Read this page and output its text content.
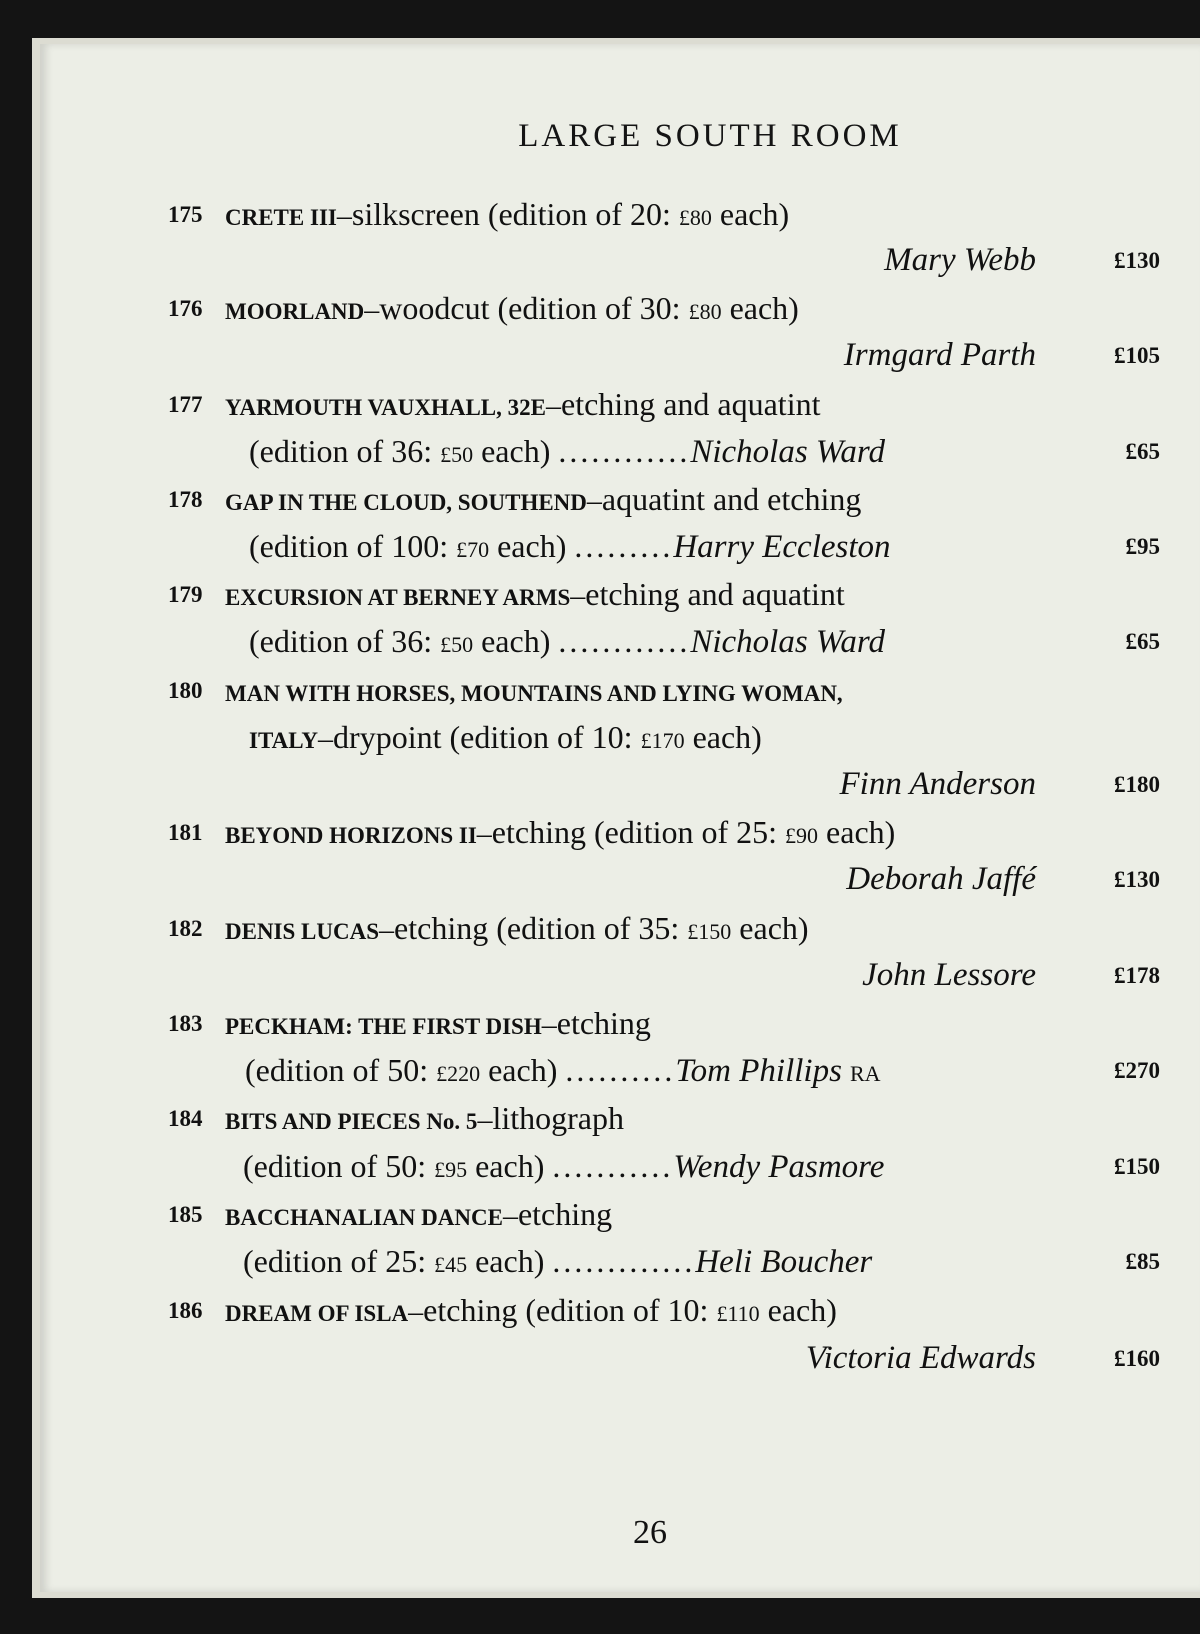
LARGE SOUTH ROOM
175 CRETE III–silkscreen (edition of 20: £80 each)
Mary Webb	£130
176 MOORLAND–woodcut (edition of 30: £80 each)
Irmgard Parth	£105
177 YARMOUTH VAUXHALL, 32E–etching and aquatint
(edition of 36: £50 each) ............Nicholas Ward	£65
178 GAP IN THE CLOUD, SOUTHEND–aquatint and etching
(edition of 100: £70 each) .........Harry Eccleston	£95
179 EXCURSION AT BERNEY ARMS–etching and aquatint
(edition of 36: £50 each) ............Nicholas Ward	£65
180 MAN WITH HORSES, MOUNTAINS AND LYING WOMAN,
ITALY–drypoint (edition of 10: £170 each)
Finn Anderson	£180
181 BEYOND HORIZONS II–etching (edition of 25: £90 each)
Deborah Jaffé	£130
182 DENIS LUCAS–etching (edition of 35: £150 each)
John Lessore	£178
183 PECKHAM: THE FIRST DISH–etching
(edition of 50: £220 each) ..........Tom Phillips RA	£270
184 BITS AND PIECES No. 5–lithograph
(edition of 50: £95 each) ...........Wendy Pasmore	£150
185 BACCHANALIAN DANCE–etching
(edition of 25: £45 each) .............Heli Boucher	£85
186 DREAM OF ISLA–etching (edition of 10: £110 each)
Victoria Edwards	£160
26
